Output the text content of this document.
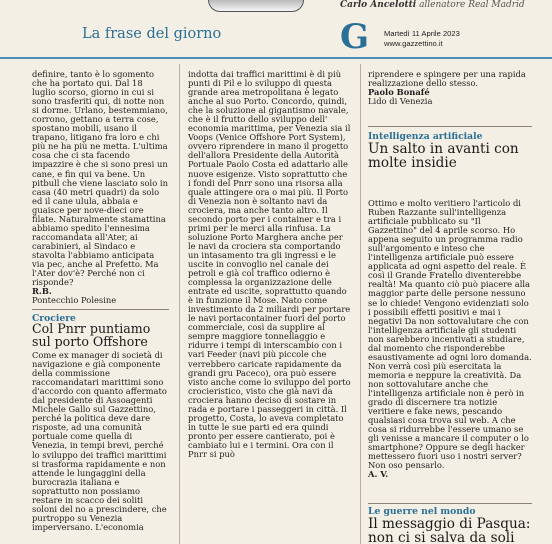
Carlo Ancelotti allenatore Real Madrid
La frase del giorno	G	Martedì 11 Aprile 2023
www.gazzettino.it

definire, tanto è lo sgomento che ha portato qui. Dal 18 luglio scorso, giorno in cui si sono trasferiti qui, di notte non si dorme. Urlano, bestemmiano, corrono, gettano a terra cose, spostano mobili, usano il trapano, litigano fra loro e chi più ne ha più ne metta. L'ultima cosa che ci sta facendo impazzire è che si sono presi un cane, e fin qui va bene. Un pitbull che viene lasciato solo in casa (40 metri quadri) da solo ed il cane ulula, abbaia e guaisce per nove-dieci ore filate. Naturalmente stamattina abbiamo spedito l'ennesima raccomandata all'Ater, ai carabinieri, al Sindaco e stavolta l'abbiamo anticipata via pec, anche al Prefetto. Ma l'Ater dov'è? Perché non ci risponde?

R.B.

Pontecchio Polesine

Crociere
Col Pnrr puntiamo sul porto Offshore
Come ex manager di società di navigazione e già componente della commissione raccomandatari marittimi sono d'accordo con quanto affermato dal presidente di Assoagenti Michele Gallo sul Gazzettino, perché la politica deve dare risposte, ad una comunità portuale come quella di Venezia, in tempi brevi, perché lo sviluppo dei traffici marittimi si trasforma rapidamente e non attende le lungaggini della burocrazia italiana e soprattutto non possiamo restare in scacco dei soliti soloni del no a prescindere, che purtroppo su Venezia imperversano. L'economia

indotta dai traffici marittimi è di più punti di Pil e lo sviluppo di questa grande area metropolitana è legato anche al suo Porto. Concordo, quindi, che la soluzione al gigantismo navale, che è il frutto dello sviluppo dell' economia marittima, per Venezia sia il Voops (Venice Offshore Port System), ovvero riprendere in mano il progetto dell'allora Presidente della Autorità Portuale Paolo Costa ed adattarlo alle nuove esigenze. Visto soprattutto che i fondi del Pnrr sono una risorsa alla quale attingere ora o mai più. Il Porto di Venezia non è soltanto navi da crociera, ma anche tanto altro. Il secondo porto per i container e tra i primi per le merci alla rinfusa. La soluzione Porto Marghera anche per le navi da crociera sta comportando un intasamento tra gli ingressi e le uscite in convoglio nel canale dei petroli e già col traffico odierno è complessa la organizzazione delle entrate ed uscite, soprattutto quando è in funzione il Mose. Nato come investimento da 2 miliardi per portare le navi portacontainer fuori del porto commerciale, così da supplire al sempre maggiore tonnellaggio e ridurre i tempi di interscambio con i vari Feeder (navi più piccole che verrebbero caricate rapidamente da grandi gru Paceco), ora può essere visto anche come lo sviluppo del porto crocieristico, visto che già navi da crociera hanno deciso di sostare in rada e portare i passeggeri in città. Il progetto, Costa, lo aveva completato in tutte le sue parti ed era quindi pronto per essere cantierato, poi è cambiato lui e i termini. Ora con il Pnrr si può

riprendere e spingere per una rapida realizzazione dello stesso.

Paolo Bonafé

Lido di Venezia

Intelligenza artificiale
Un salto in avanti con molte insidie

Ottimo e molto veritiero l'articolo di Ruben Razzante sull'intelligenza artificiale pubblicato su "Il Gazzettino" del 4 aprile scorso. Ho appena seguito un programma radio sull'argomento e inteso che l'intelligenza artificiale può essere applicata ad ogni aspetto del reale. È così il Grande Fratello diventerebbe realtà! Ma quanto ciò può piacere alla maggior parte delle persone nessuno se lo chiede! Vengono evidenziati solo i possibili effetti positivi e mai i negativi Da non sottovalutare che con l'intelligenza artificiale gli studenti non sarebbero incentivati a studiare, dal momento che risponderebbe esaustivamente ad ogni loro domanda. Non verrà così più esercitata la memoria e neppure la creatività. Da non sottovalutare anche che l'intelligenza artificiale non è però in grado di discernere tra notizie veritiere e fake news, pescando qualsiasi cosa trova sul web. A che cosa si ridurrebbe l'essere umano se gli venisse a mancare il computer o lo smartphone? Oppure se degli hacker mettessero fuori uso i nostri server? Non oso pensarlo.

A. V.

Le guerre nel mondo
Il messaggio di Pasqua: non ci si salva da soli
